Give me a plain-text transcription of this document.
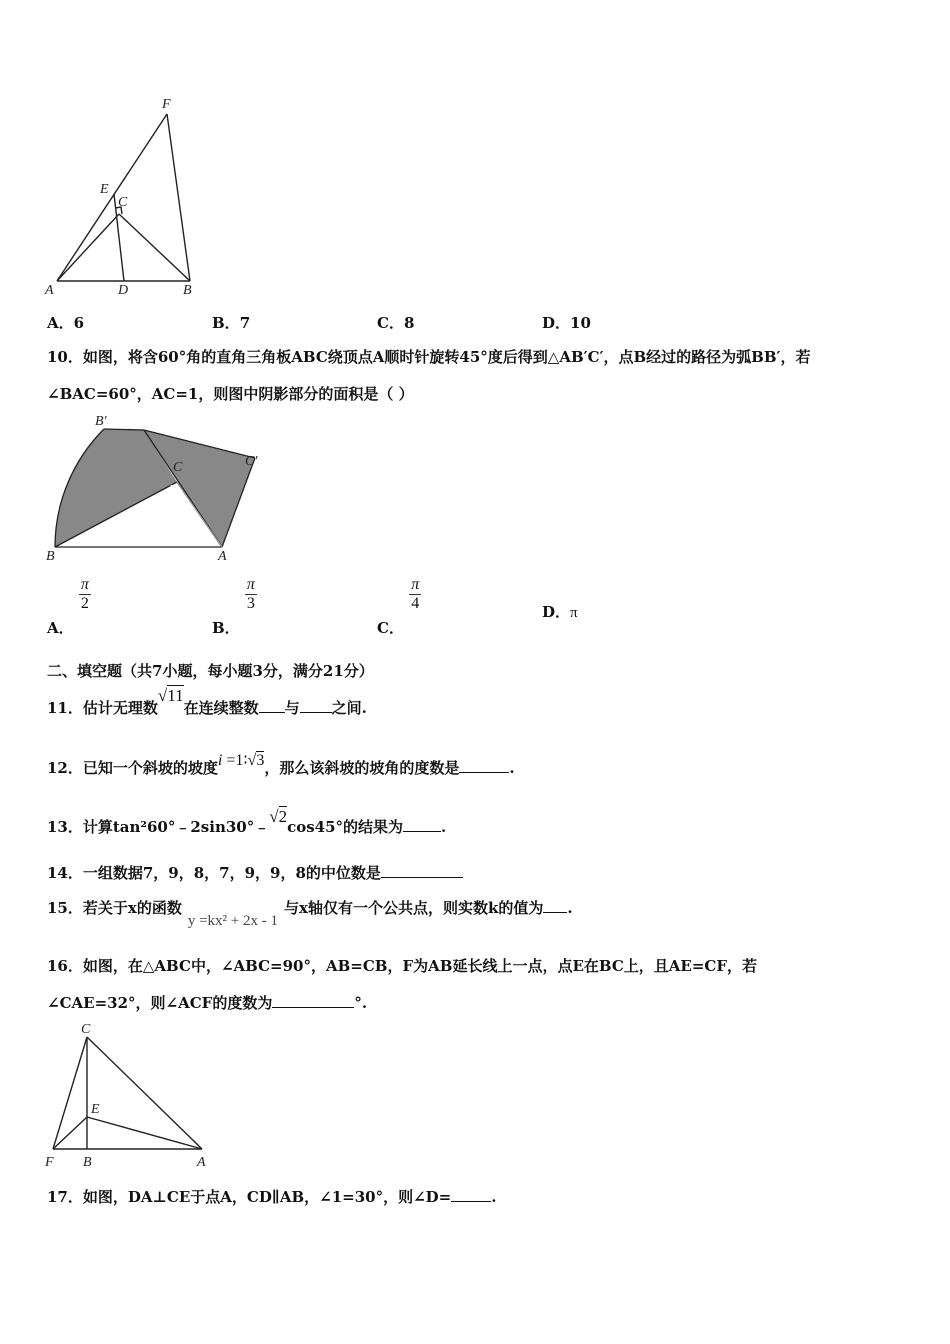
F
E
C
A	D	B
A．6	B．7	C．8	D．10
10．如图，将含60°角的直角三角板ABC绕顶点A顺时针旋转45°度后得到△AB′C′，点B经过的路径为弧BB′，若
∠BAC=60°，AC=1，则图中阴影部分的面积是（ ）
B′
C	C′
B	A
A．
$\frac{\pi}{2}$
B．
$\frac{\pi}{3}$
C．
$\frac{\pi}{4}$	D．π
二、填空题（共7小题，每小题3分，满分21分）
11．估计无理数√11在连续整数 与 之间.
12．已知一个斜坡的坡度i =1∶√3，那么该斜坡的坡角的度数是	.
13．计算tan²60°﹣2sin30°﹣√2cos45°的结果为	.
14．一组数据7，9，8，7，9，9，8的中位数是
15．若关于x的函数y =kx² + 2x - 1与x轴仅有一个公共点，则实数k的值为 .
16．如图，在△ABC中，∠ABC=90°，AB=CB，F为AB延长线上一点，点E在BC上，且AE=CF，若
∠CAE=32°，则∠ACF的度数为	°.
C
E
F B	A
17．如图，DA⊥CE于点A，CD∥AB，∠1=30°，则∠D=	.
